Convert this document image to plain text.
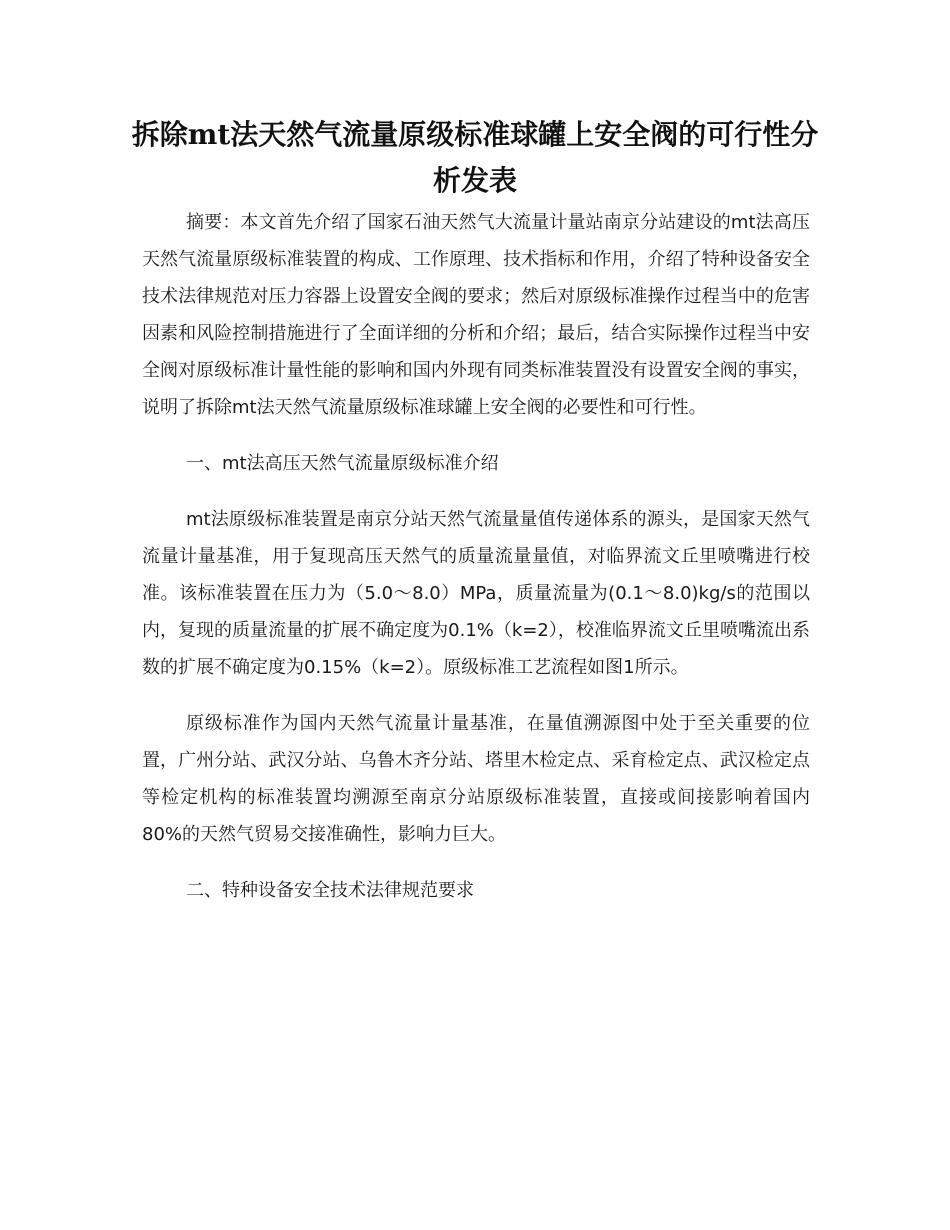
拆除mt法天然气流量原级标准球罐上安全阀的可行性分析发表

摘要：本文首先介绍了国家石油天然气大流量计量站南京分站建设的mt法高压天然气流量原级标准装置的构成、工作原理、技术指标和作用，介绍了特种设备安全技术法律规范对压力容器上设置安全阀的要求；然后对原级标准操作过程当中的危害因素和风险控制措施进行了全面详细的分析和介绍；最后，结合实际操作过程当中安全阀对原级标准计量性能的影响和国内外现有同类标准装置没有设置安全阀的事实，说明了拆除mt法天然气流量原级标准球罐上安全阀的必要性和可行性。

一、mt法高压天然气流量原级标准介绍

mt法原级标准装置是南京分站天然气流量量值传递体系的源头，是国家天然气流量计量基准，用于复现高压天然气的质量流量量值，对临界流文丘里喷嘴进行校准。该标准装置在压力为（5.0～8.0）MPa，质量流量为(0.1～8.0)kg/s的范围以内，复现的质量流量的扩展不确定度为0.1%（k=2），校准临界流文丘里喷嘴流出系数的扩展不确定度为0.15%（k=2）。原级标准工艺流程如图1所示。

原级标准作为国内天然气流量计量基准，在量值溯源图中处于至关重要的位置，广州分站、武汉分站、乌鲁木齐分站、塔里木检定点、采育检定点、武汉检定点等检定机构的标准装置均溯源至南京分站原级标准装置，直接或间接影响着国内80%的天然气贸易交接准确性，影响力巨大。

二、特种设备安全技术法律规范要求
